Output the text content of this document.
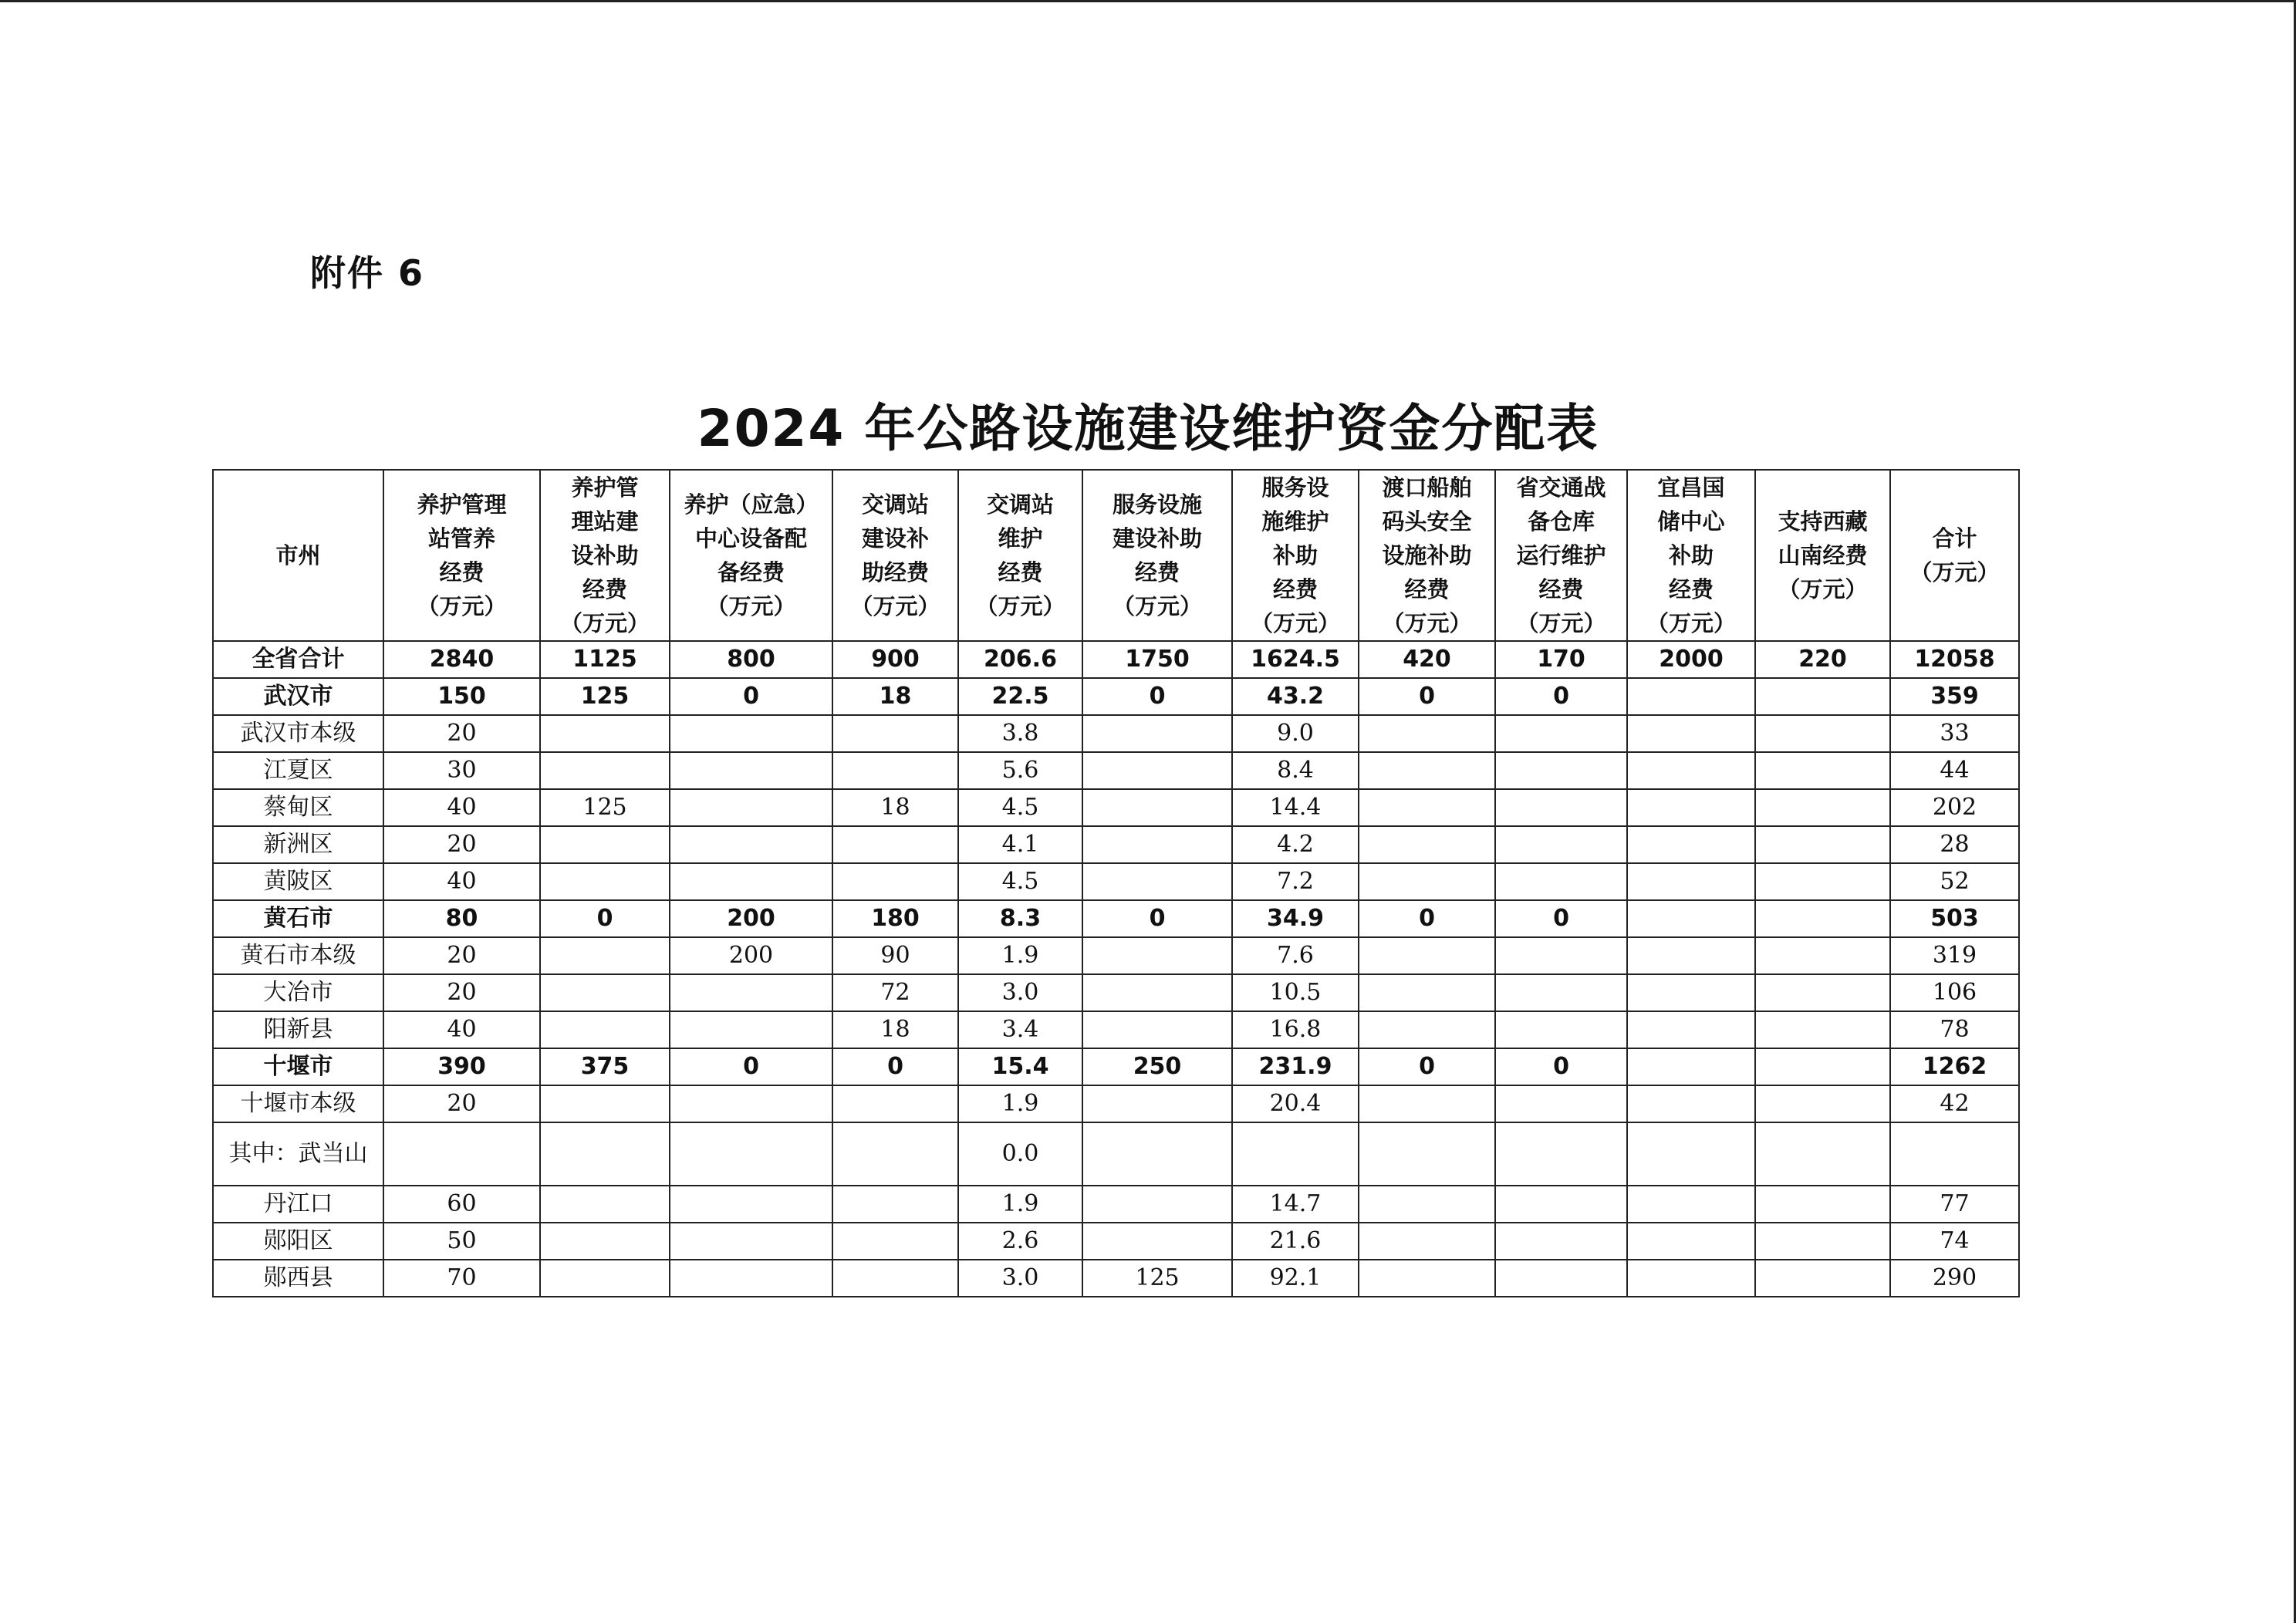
附件 6
2024 年公路设施建设维护资金分配表
市州	养护管理
站管养
经费
（万元）	养护管
理站建
设补助
经费
（万元）	养护（应急）
中心设备配
备经费
（万元）	交调站
建设补
助经费
（万元）	交调站
维护
经费
（万元）	服务设施
建设补助
经费
（万元）	服务设
施维护
补助
经费
（万元）	渡口船舶
码头安全
设施补助
经费
（万元）	省交通战
备仓库
运行维护
经费
（万元）	宜昌国
储中心
补助
经费
（万元）	支持西藏
山南经费
（万元）	合计
（万元）

全省合计	2840	1125	800	900	206.6	1750	1624.5	420	170	2000	220	12058
武汉市	150	125	0	18	22.5	0	43.2	0	0			359
武汉市本级	20				3.8		9.0					33
江夏区	30				5.6		8.4					44
蔡甸区	40	125		18	4.5		14.4					202
新洲区	20				4.1		4.2					28
黄陂区	40				4.5		7.2					52
黄石市	80	0	200	180	8.3	0	34.9	0	0			503
黄石市本级	20		200	90	1.9		7.6					319
大冶市	20			72	3.0		10.5					106
阳新县	40			18	3.4		16.8					78
十堰市	390	375	0	0	15.4	250	231.9	0	0			1262
十堰市本级	20				1.9		20.4					42
其中：武当山					0.0							
丹江口	60				1.9		14.7					77
郧阳区	50				2.6		21.6					74
郧西县	70				3.0	125	92.1					290
